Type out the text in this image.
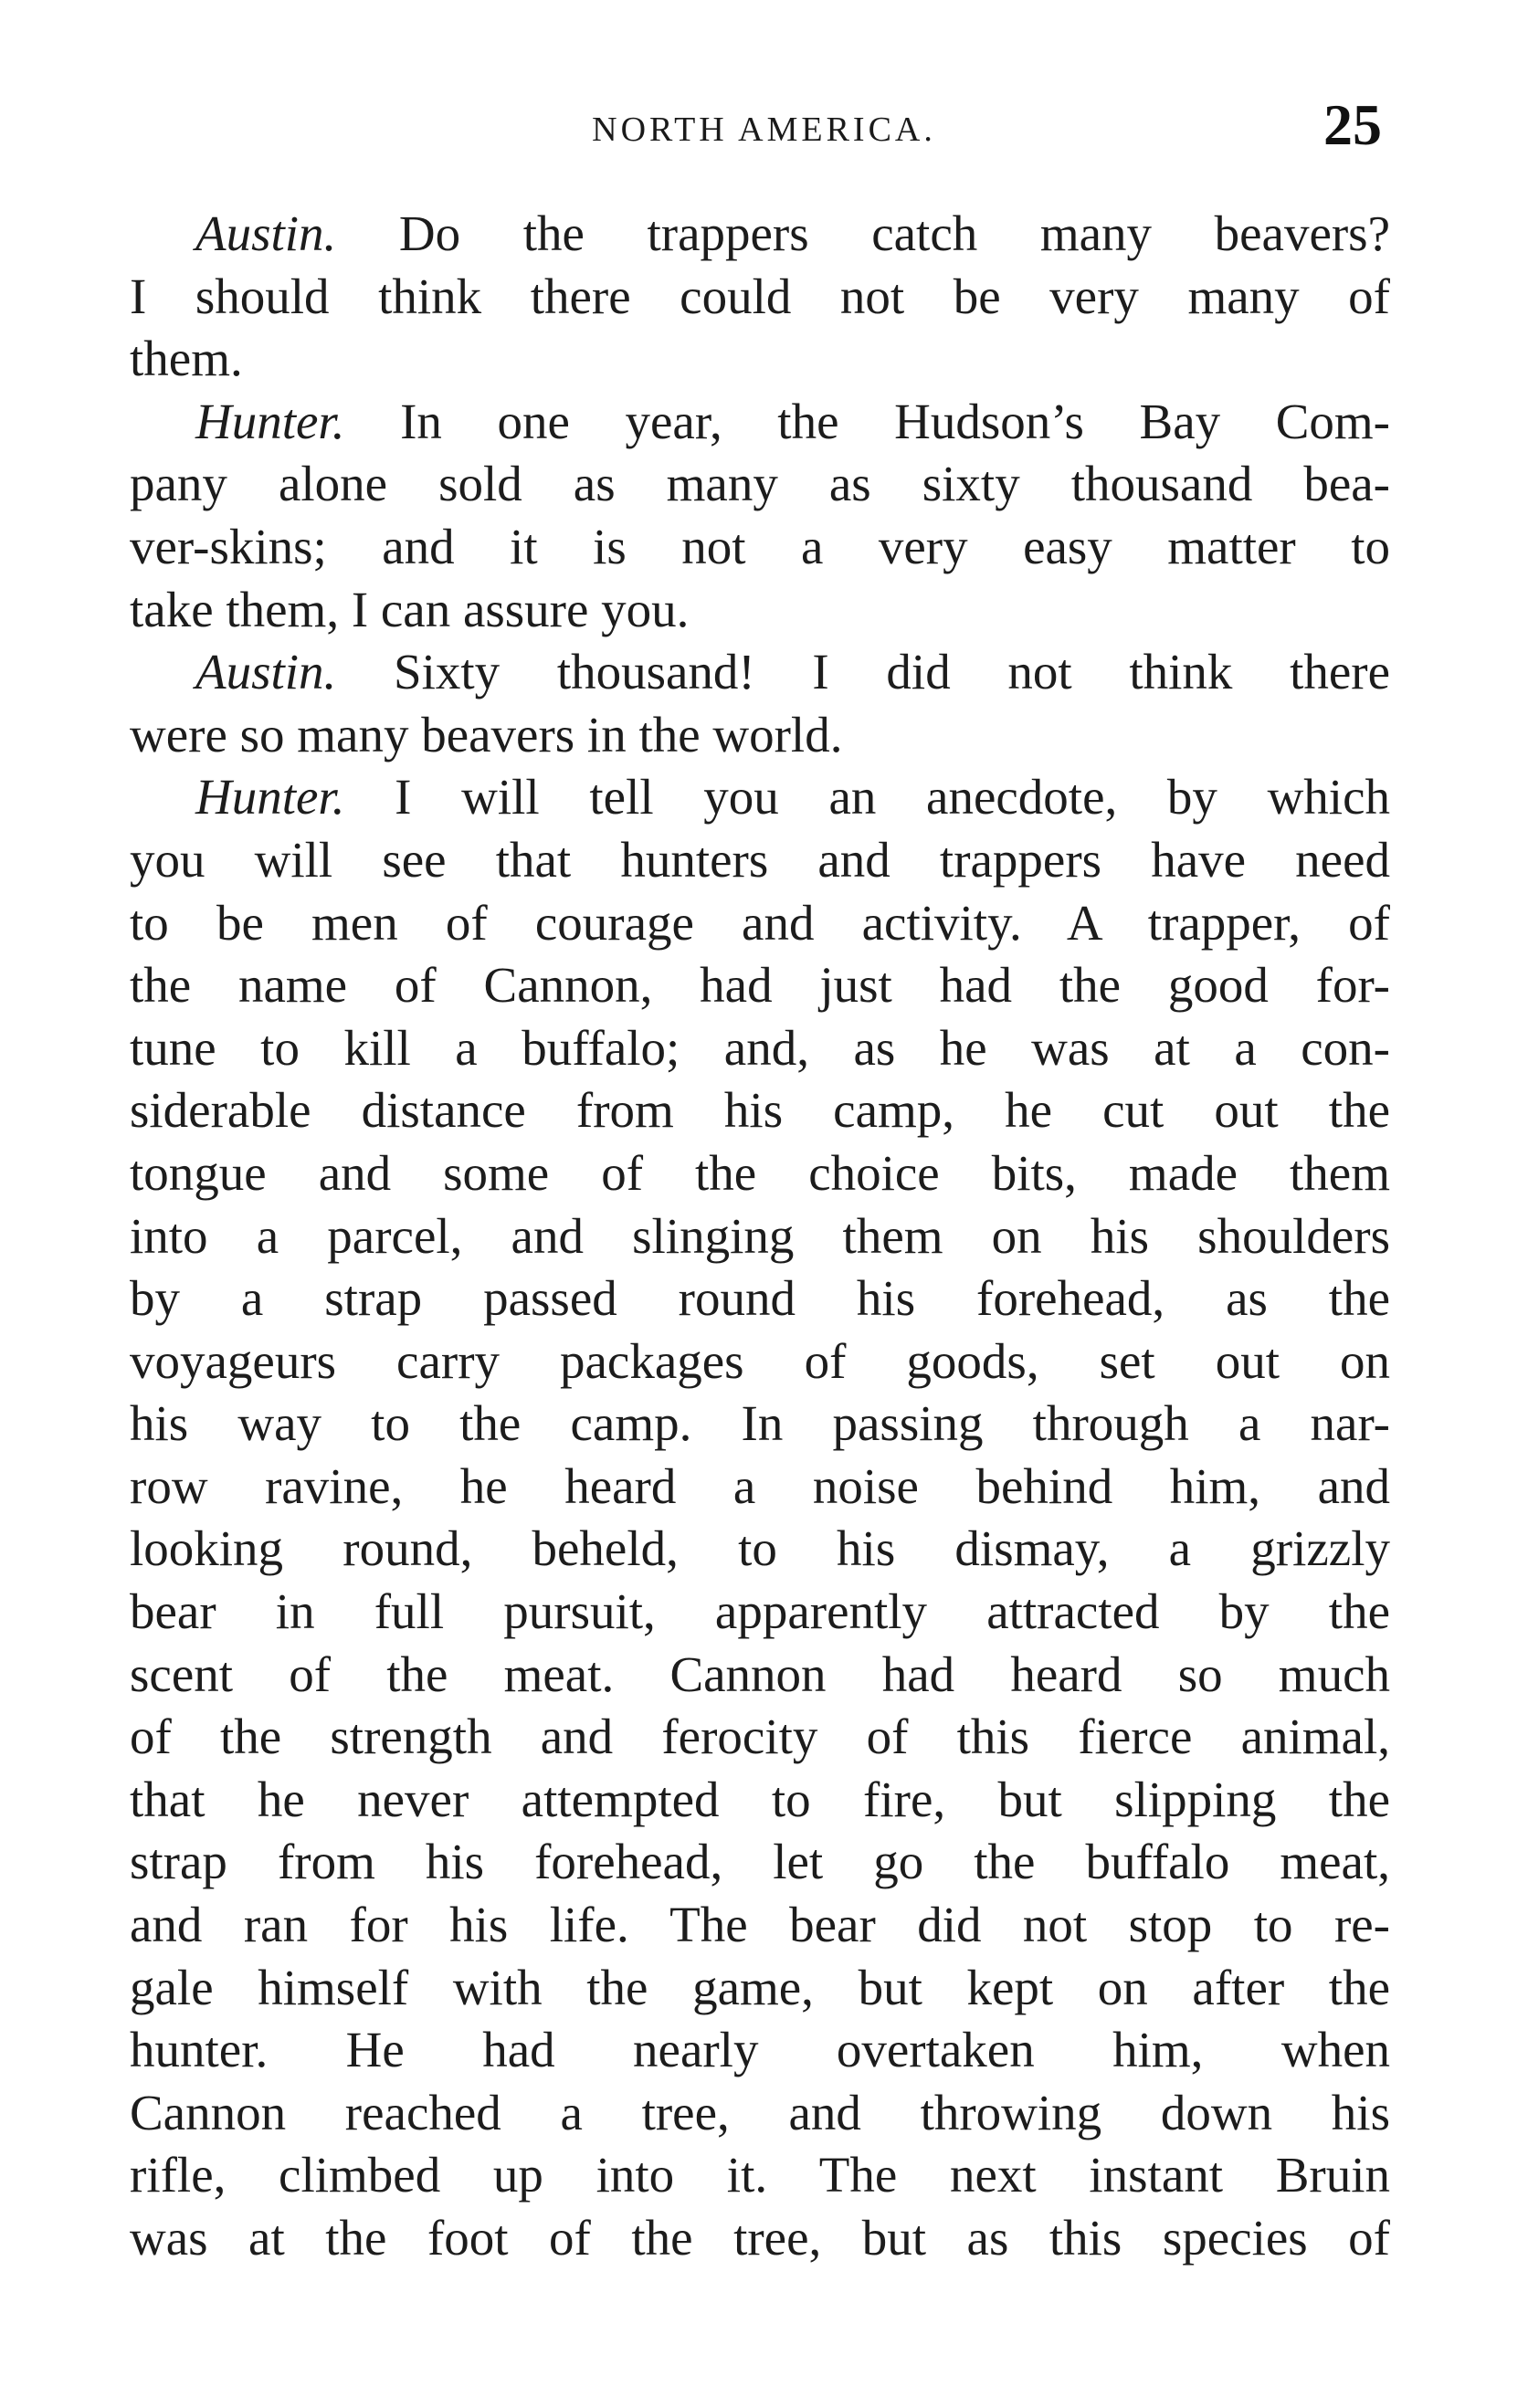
NORTH AMERICA.	25
Austin. Do the trappers catch many beavers?
I should think there could not be very many of
them.
Hunter. In one year, the Hudson’s Bay Com-
pany alone sold as many as sixty thousand bea-
ver-skins; and it is not a very easy matter to
take them, I can assure you.
Austin. Sixty thousand! I did not think there
were so many beavers in the world.
Hunter. I will tell you an anecdote, by which
you will see that hunters and trappers have need
to be men of courage and activity. A trapper, of
the name of Cannon, had just had the good for-
tune to kill a buffalo; and, as he was at a con-
siderable distance from his camp, he cut out the
tongue and some of the choice bits, made them
into a parcel, and slinging them on his shoulders
by a strap passed round his forehead, as the
voyageurs carry packages of goods, set out on
his way to the camp. In passing through a nar-
row ravine, he heard a noise behind him, and
looking round, beheld, to his dismay, a grizzly
bear in full pursuit, apparently attracted by the
scent of the meat. Cannon had heard so much
of the strength and ferocity of this fierce animal,
that he never attempted to fire, but slipping the
strap from his forehead, let go the buffalo meat,
and ran for his life. The bear did not stop to re-
gale himself with the game, but kept on after the
hunter. He had nearly overtaken him, when
Cannon reached a tree, and throwing down his
rifle, climbed up into it. The next instant Bruin
was at the foot of the tree, but as this species of
